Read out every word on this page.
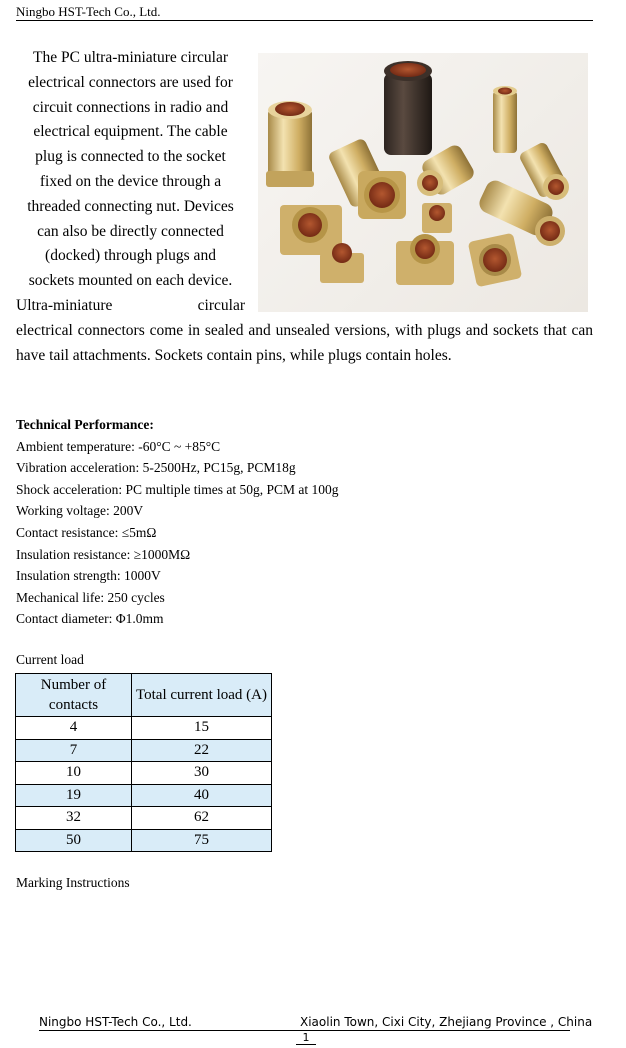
Ningbo HST-Tech Co., Ltd.
The PC ultra-miniature circular
electrical connectors are used for
circuit connections in radio and
electrical equipment. The cable
plug is connected to the socket
fixed on the device through a
threaded connecting nut. Devices
can also be directly connected
(docked) through plugs and
sockets mounted on each device.
Ultra-miniature	circular
electrical connectors come in sealed and unsealed versions, with plugs and sockets that can have tail attachments. Sockets contain pins, while plugs contain holes.
Technical Performance:
Ambient temperature: -60°C ~ +85°C
Vibration acceleration: 5-2500Hz, PC15g, PCM18g
Shock acceleration: PC multiple times at 50g, PCM at 100g
Working voltage: 200V
Contact resistance: ≤5mΩ
Insulation resistance: ≥1000MΩ
Insulation strength: 1000V
Mechanical life: 250 cycles
Contact diameter: Φ1.0mm
Current load
Number of contacts	Total current load (A)
4	15
7	22
10	30
19	40
32	62
50	75
Marking Instructions
Ningbo HST-Tech Co., Ltd.	Xiaolin Town, Cixi City, Zhejiang Province , China
1
